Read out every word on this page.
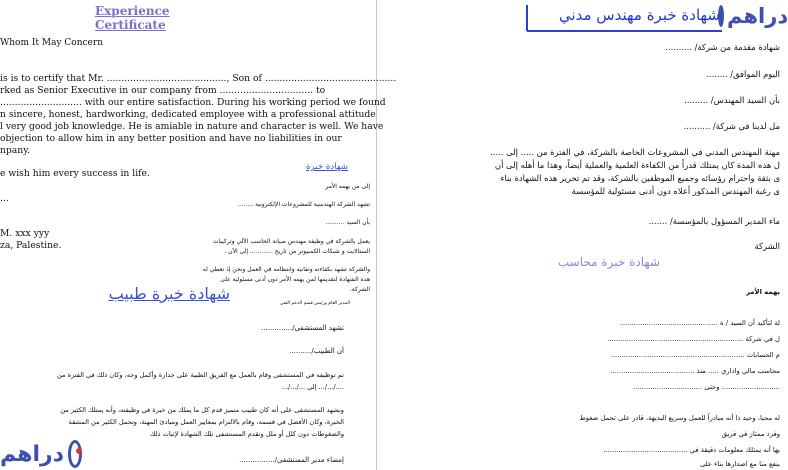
Experience Certificate
Whom It May Concern
is is to certify that Mr. ........................................., Son of .............................................
rked as Senior Executive in our company from ................................ to
............................ with our entire satisfaction. During his working period we found
n sincere, honest, hardworking, dedicated employee with a professional attitude
l very good job knowledge. He is amiable in nature and character is well. We have
objection to allow him in any better position and have no liabilities in our
npany.
e wish him every success in life.
...
M. xxx yyy
za, Palestine.
شهادة خبرة
إلى من يهمه الأمر
تشهد الشركة الهندسية للمشروعات الإلكترونية ........
بأن السيد ..........
يعمل بالشركة في وظيفة مهندس صيانة الحاسب الآلي وتركيبات
الستالايت و شبكات الكمبيوتر من تاريخ ............ إلى الآن .
والشركة تشهد بكفاءته وتفانيه وانتظامه في العمل ونحن إذ نعطي له
هذه الشهادة لتقديمها لمن يهمه الأمر دون أدنى مسئولية على
الشركة.
المدير العام ورئيس قسم الدعم الفني
شهادة خبرة طبيب
تشهد المستشفى/..............
أن الطبيب/..........
تم توظيفه في المستشفى وقام بالعمل مع الفريق الطبية على جدارة وأكمل وجه، وكان ذلك في الفترة من
..../.../... إلى .../.../...
ونشهد المستشفى على أنه كان طبيب متميز قدم كل ما يملك من خبرة في وظيفته، وأنه يمتلك الكثير من
الخبرة، وكان الأفضل في قسمه، وقام بالالتزام بمعايير العمل ومبادئ المهنة، وتحمل الكثير من المشقة
والضغوطات دون كلل أو ملل وتقدم المستشفى تلك الشهادة لإثبات ذلك
إمضاء مدير المستشفى/................
دراهم
دراهم
شهادة خبرة مهندس مدني
شهادة مقدمة من شركة/ ..........
اليوم الموافق/ ........
بأن السيد المهندس/ .........
مل لدينا في شركة/ ..........
مهنة المهندس المدني في المشروعات الخاصة بالشركة، في الفترة من ..... إلى .....
ل هذه المدة كان يمتلك قدراً من الكفاءة العلمية والعملية أيضاً، وهذا ما أهله إلى أن
ى بثقة واحترام رؤسائه وجميع الموظفين بالشركة، وقد تم تحرير هذه الشهادة بناء
ى رغبة المهندس المذكور أعلاه دون أدنى مسئولية للمؤسسة
ماء المدير المسؤول بالمؤسسة/ .......
الشركة
شهادة خبرة محاسب
يهمه الأمر
لة لتأكيد أن السيد / ة .............................................
ل في شركة ...............................................................
م الحسابات ..............................................................
محاسب مالي واداري ..... منذ .......................................
........................... وحتى ................................
له محبا، وجيد ذا أنه مبادراً للعمل وسريع البديهة، قادر على تحمل ضغوط
وفرد ممتاز في فريق
يها أنه يمتلك معلومات دقيقة في .......................................
ينفع منا مع اصدارها بناء على
